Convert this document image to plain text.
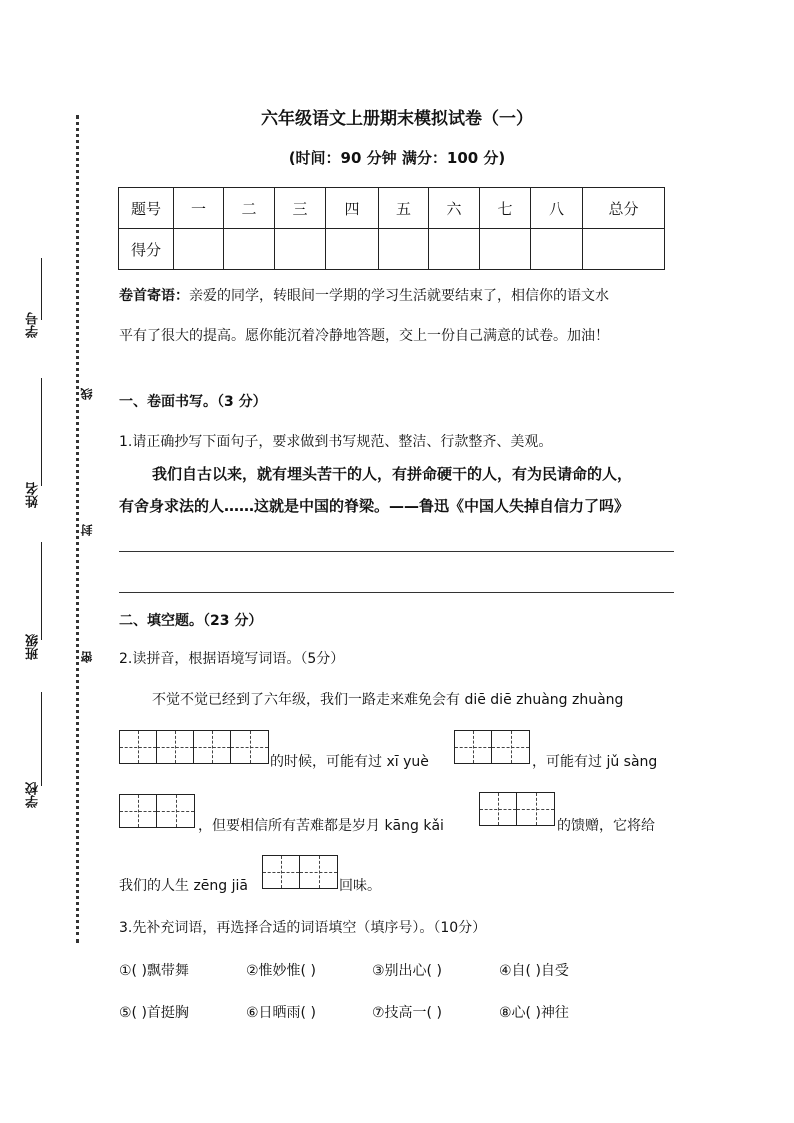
学号
姓名
班级
学校
线
封
密
六年级语文上册期末模拟试卷（一）
(时间：90 分钟 满分：100 分)
题号	一	二	三	四	五	六	七	八	总分
得分									
卷首寄语：亲爱的同学，转眼间一学期的学习生活就要结束了，相信你的语文水
平有了很大的提高。愿你能沉着冷静地答题，交上一份自己满意的试卷。加油！
一、卷面书写。（3 分）
1.请正确抄写下面句子，要求做到书写规范、整洁、行款整齐、美观。
我们自古以来，就有埋头苦干的人，有拼命硬干的人，有为民请命的人，
有舍身求法的人……这就是中国的脊梁。——鲁迅《中国人失掉自信力了吗》
二、填空题。（23 分）
2.读拼音，根据语境写词语。（5分）
不觉不觉已经到了六年级，我们一路走来难免会有 diē diē zhuàng zhuàng
的时候，可能有过 xī yuè	，可能有过 jǔ sàng
，但要相信所有苦难都是岁月 kāng kǎi	的馈赠，它将给
我们的人生 zēng jiā	回味。
3.先补充词语，再选择合适的词语填空（填序号）。（10分）
①( )飘带舞	②惟妙惟( )	③别出心( )	④自( )自受
⑤( )首挺胸	⑥日晒雨( )	⑦技高一( )	⑧心( )神往
